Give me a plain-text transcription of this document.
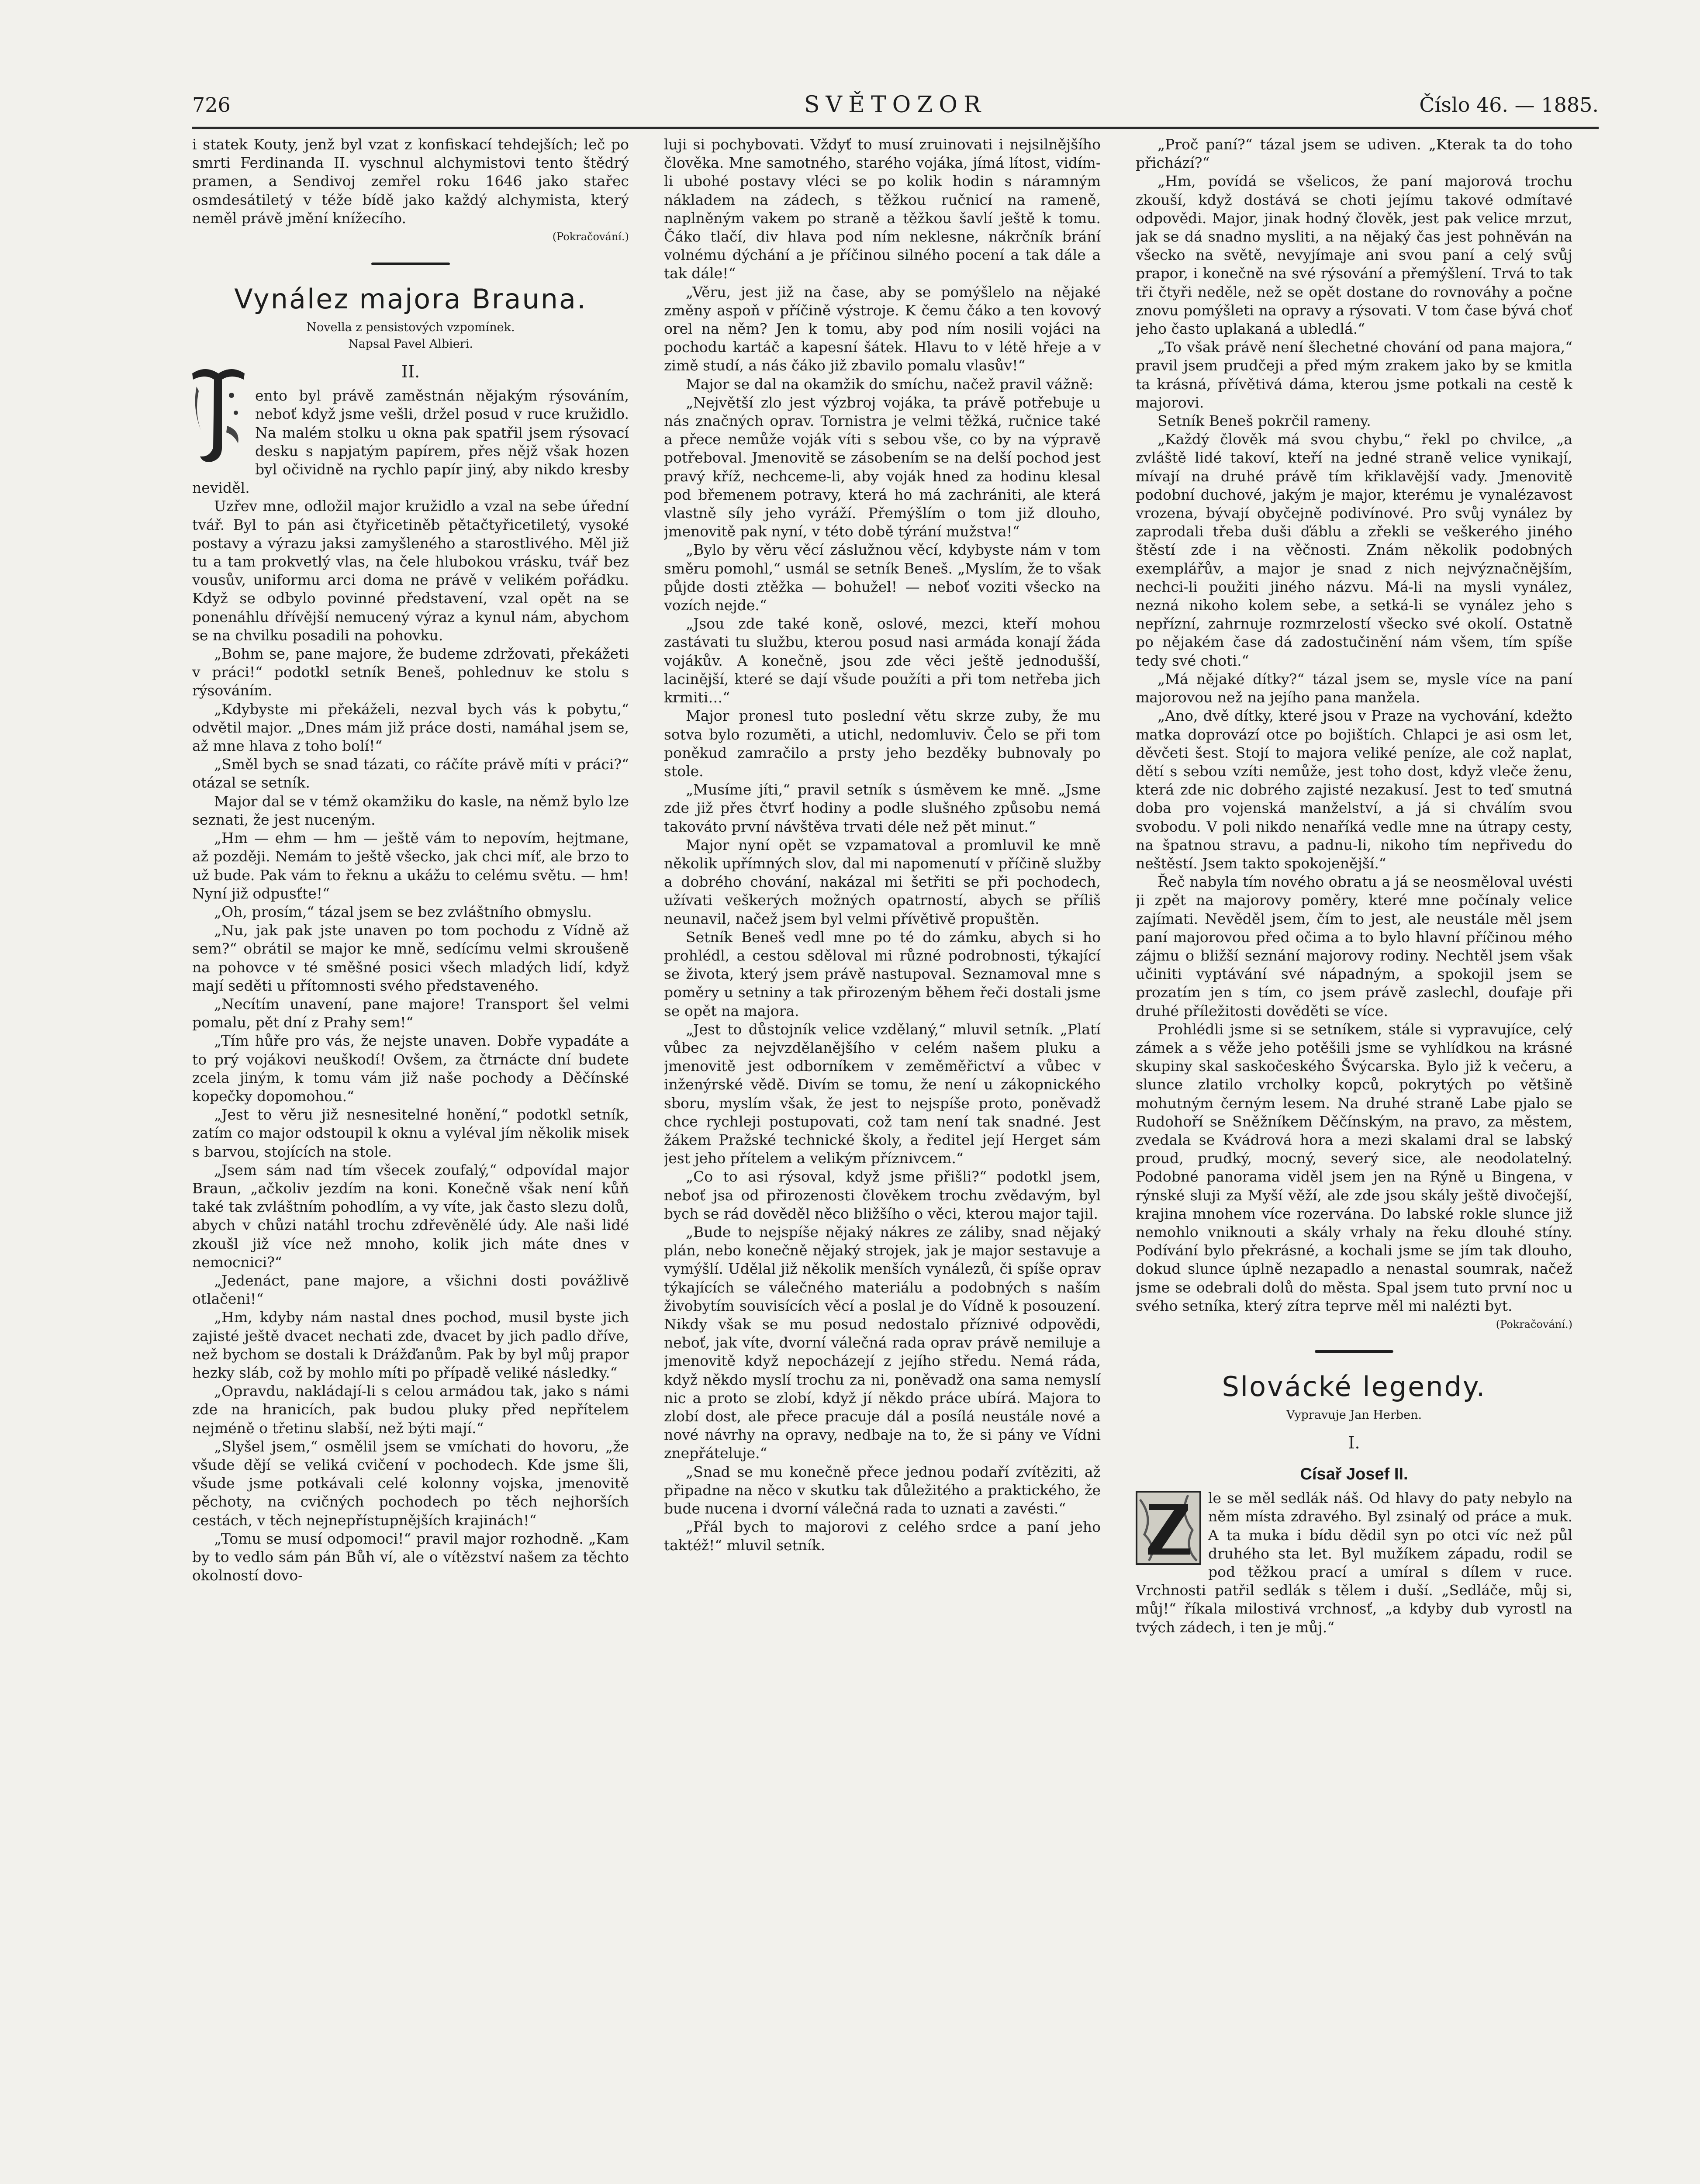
726	SVĚTOZOR	Číslo 46. — 1885.

i statek Kouty, jenž byl vzat z konfiskací tehdejších; leč po smrti Ferdinanda II. vyschnul alchymistovi tento štědrý pramen, a Sendivoj zemřel roku 1646 jako stařec osmdesátiletý v téže bídě jako každý alchymista, který neměl právě jmění knížecího.

(Pokračování.)

Vynález majora Brauna.
Novella z pensistových vzpomínek.
Napsal Pavel Albieri.
II.

ento byl právě zaměstnán nějakým rýsováním, neboť když jsme vešli, držel posud v ruce kružidlo. Na malém stolku u okna pak spatřil jsem rýsovací desku s napjatým papírem, přes nějž však hozen byl očividně na rychlo papír jiný, aby nikdo kresby neviděl.

Uzřev mne, odložil major kružidlo a vzal na sebe úřední tvář. Byl to pán asi čtyřicetiněb pětačtyřicetiletý, vysoké postavy a výrazu jaksi zamyšleného a starostlivého. Měl již tu a tam prokvetlý vlas, na čele hlubokou vrásku, tvář bez vousův, uniformu arci doma ne právě v velikém pořádku. Když se odbylo povinné představení, vzal opět na se ponenáhlu dřívější nemucený výraz a kynul nám, abychom se na chvilku posadili na pohovku.

„Bohm se, pane majore, že budeme zdržovati, překážeti v práci!“ podotkl setník Beneš, pohlednuv ke stolu s rýsováním.

„Kdybyste mi překáželi, nezval bych vás k pobytu,“ odvětil major. „Dnes mám již práce dosti, namáhal jsem se, až mne hlava z toho bolí!“

„Směl bych se snad tázati, co ráčíte právě míti v práci?“ otázal se setník.

Major dal se v témž okamžiku do kasle, na němž bylo lze seznati, že jest nuceným.

„Hm — ehm — hm — ještě vám to nepovím, hejtmane, až později. Nemám to ještě všecko, jak chci míť, ale brzo to už bude. Pak vám to řeknu a ukážu to celému světu. — hm! Nyní již odpusťte!“

„Oh, prosím,“ tázal jsem se bez zvláštního obmyslu.

„Nu, jak pak jste unaven po tom pochodu z Vídně až sem?“ obrátil se major ke mně, sedícímu velmi skroušeně na pohovce v té směšné posici všech mladých lidí, když mají seděti u přítomnosti svého představeného.

„Necítím unavení, pane majore! Transport šel velmi pomalu, pět dní z Prahy sem!“

„Tím hůře pro vás, že nejste unaven. Dobře vypadáte a to prý vojákovi neuškodí! Ovšem, za čtrnácte dní budete zcela jiným, k tomu vám již naše pochody a Děčínské kopečky dopomohou.“

„Jest to věru již nesnesitelné honění,“ podotkl setník, zatím co major odstoupil k oknu a vyléval jím několik misek s barvou, stojících na stole.

„Jsem sám nad tím všecek zoufalý,“ odpovídal major Braun, „ačkoliv jezdím na koni. Konečně však není kůň také tak zvláštním pohodlím, a vy víte, jak často slezu dolů, abych v chůzi natáhl trochu zdřevěnělé údy. Ale naši lidé zkoušl již více než mnoho, kolik jich máte dnes v nemocnici?“

„Jedenáct, pane majore, a všichni dosti povážlivě otlačeni!“

„Hm, kdyby nám nastal dnes pochod, musil byste jich zajisté ještě dvacet nechati zde, dvacet by jich padlo dříve, než bychom se dostali k Drážďanům. Pak by byl můj prapor hezky sláb, což by mohlo míti po případě veliké následky.“

„Opravdu, nakládají-li s celou armádou tak, jako s námi zde na hranicích, pak budou pluky před nepřítelem nejméně o třetinu slabší, než býti mají.“

„Slyšel jsem,“ osmělil jsem se vmíchati do hovoru, „že všude dějí se veliká cvičení v pochodech. Kde jsme šli, všude jsme potkávali celé kolonny vojska, jmenovitě pěchoty, na cvičných pochodech po těch nejhorších cestách, v těch nejnepřístupnějších krajinách!“

„Tomu se musí odpomoci!“ pravil major rozhodně. „Kam by to vedlo sám pán Bůh ví, ale o vítězství našem za těchto okolností dovo-

luji si pochybovati. Vždyť to musí zruinovati i nejsilnějšího člověka. Mne samotného, starého vojáka, jímá lítost, vidím-li ubohé postavy vléci se po kolik hodin s náramným nákladem na zádech, s těžkou ručnicí na rameně, naplněným vakem po straně a těžkou šavlí ještě k tomu. Čáko tlačí, div hlava pod ním neklesne, nákrčník brání volnému dýchání a je příčinou silného pocení a tak dále a tak dále!“

„Věru, jest již na čase, aby se pomýšlelo na nějaké změny aspoň v příčině výstroje. K čemu čáko a ten kovový orel na něm? Jen k tomu, aby pod ním nosili vojáci na pochodu kartáč a kapesní šátek. Hlavu to v létě hřeje a v zimě studí, a nás čáko již zbavilo pomalu vlasův!“

Major se dal na okamžik do smíchu, načež pravil vážně:

„Největší zlo jest výzbroj vojáka, ta právě potřebuje u nás značných oprav. Tornistra je velmi těžká, ručnice také a přece nemůže voják víti s sebou vše, co by na výpravě potřeboval. Jmenovitě se zásobením se na delší pochod jest pravý kříž, nechceme-li, aby voják hned za hodinu klesal pod břemenem potravy, která ho má zachrániti, ale která vlastně síly jeho vyráží. Přemýšlím o tom již dlouho, jmenovitě pak nyní, v této době týrání mužstva!“

„Bylo by věru věcí záslužnou věcí, kdybyste nám v tom směru pomohl,“ usmál se setník Beneš. „Myslím, že to však půjde dosti ztěžka — bohužel! — neboť voziti všecko na vozích nejde.“

„Jsou zde také koně, oslové, mezci, kteří mohou zastávati tu službu, kterou posud nasi armáda konají žáda vojákův. A konečně, jsou zde věci ještě jednodušší, lacinější, které se dají všude použíti a při tom netřeba jich krmiti…“

Major pronesl tuto poslední větu skrze zuby, že mu sotva bylo rozuměti, a utichl, nedomluviv. Čelo se při tom poněkud zamračilo a prsty jeho bezděky bubnovaly po stole.

„Musíme jíti,“ pravil setník s úsměvem ke mně. „Jsme zde již přes čtvrť hodiny a podle slušného způsobu nemá takováto první návštěva trvati déle než pět minut.“

Major nyní opět se vzpamatoval a promluvil ke mně několik upřímných slov, dal mi napomenutí v příčině služby a dobrého chování, nakázal mi šetřiti se při pochodech, užívati veškerých možných opatrností, abych se příliš neunavil, načež jsem byl velmi přívětivě propuštěn.

Setník Beneš vedl mne po té do zámku, abych si ho prohlédl, a cestou sděloval mi různé podrobnosti, týkající se života, který jsem právě nastupoval. Seznamoval mne s poměry u setniny a tak přirozeným během řeči dostali jsme se opět na majora.

„Jest to důstojník velice vzdělaný,“ mluvil setník. „Platí vůbec za nejvzdělanějšího v celém našem pluku a jmenovitě jest odborníkem v zeměměřictví a vůbec v inženýrské vědě. Divím se tomu, že není u zákopnického sboru, myslím však, že jest to nejspíše proto, poněvadž chce rychleji postupovati, což tam není tak snadné. Jest žákem Pražské technické školy, a ředitel její Herget sám jest jeho přítelem a velikým příznivcem.“

„Co to asi rýsoval, když jsme přišli?“ podotkl jsem, neboť jsa od přirozenosti člověkem trochu zvědavým, byl bych se rád dověděl něco bližšího o věci, kterou major tajil.

„Bude to nejspíše nějaký nákres ze záliby, snad nějaký plán, nebo konečně nějaký strojek, jak je major sestavuje a vymýšlí. Udělal již několik menších vynálezů, či spíše oprav týkajících se válečného materiálu a podobných s naším živobytím souvisících věcí a poslal je do Vídně k posouzení. Nikdy však se mu posud nedostalo příznivé odpovědi, neboť, jak víte, dvorní válečná rada oprav právě nemiluje a jmenovitě když nepocházejí z jejího středu. Nemá ráda, když někdo myslí trochu za ni, poněvadž ona sama nemyslí nic a proto se zlobí, když jí někdo práce ubírá. Majora to zlobí dost, ale přece pracuje dál a posílá neustále nové a nové návrhy na opravy, nedbaje na to, že si pány ve Vídni znepřáteluje.“

„Snad se mu konečně přece jednou podaří zvítěziti, až připadne na něco v skutku tak důležitého a praktického, že bude nucena i dvorní válečná rada to uznati a zavésti.“

„Přál bych to majorovi z celého srdce a paní jeho taktéž!“ mluvil setník.

„Proč paní?“ tázal jsem se udiven. „Kterak ta do toho přichází?“

„Hm, povídá se všelicos, že paní majorová trochu zkouší, když dostává se choti jejímu takové odmítavé odpovědi. Major, jinak hodný člověk, jest pak velice mrzut, jak se dá snadno mysliti, a na nějaký čas jest pohněván na všecko na světě, nevyjímaje ani svou paní a celý svůj prapor, i konečně na své rýsování a přemýšlení. Trvá to tak tři čtyři neděle, než se opět dostane do rovnováhy a počne znovu pomýšleti na opravy a rýsovati. V tom čase bývá choť jeho často uplakaná a ubledlá.“

„To však právě není šlechetné chování od pana majora,“ pravil jsem prudčeji a před mým zrakem jako by se kmitla ta krásná, přívětivá dáma, kterou jsme potkali na cestě k majorovi.

Setník Beneš pokrčil rameny.

„Každý člověk má svou chybu,“ řekl po chvilce, „a zvláště lidé takoví, kteří na jedné straně velice vynikají, mívají na druhé právě tím křiklavější vady. Jmenovitě podobní duchové, jakým je major, kterému je vynalézavost vrozena, bývají obyčejně podivínové. Pro svůj vynález by zaprodali třeba duši ďáblu a zřekli se veškerého jiného štěstí zde i na věčnosti. Znám několik podobných exemplářův, a major je snad z nich nejvýznačnějším, nechci-li použiti jiného názvu. Má-li na mysli vynález, nezná nikoho kolem sebe, a setká-li se vynález jeho s nepřízní, zahrnuje rozmrzelostí všecko své okolí. Ostatně po nějakém čase dá zadostučinění nám všem, tím spíše tedy své choti.“

„Má nějaké dítky?“ tázal jsem se, mysle více na paní majorovou než na jejího pana manžela.

„Ano, dvě dítky, které jsou v Praze na vychování, kdežto matka doprovází otce po bojištích. Chlapci je asi osm let, děvčeti šest. Stojí to majora veliké peníze, ale což naplat, dětí s sebou vzíti nemůže, jest toho dost, když vleče ženu, která zde nic dobrého zajisté nezakusí. Jest to teď smutná doba pro vojenská manželství, a já si chválím svou svobodu. V poli nikdo nenaříká vedle mne na útrapy cesty, na špatnou stravu, a padnu-li, nikoho tím nepřivedu do neštěstí. Jsem takto spokojenější.“

Řeč nabyla tím nového obratu a já se neosměloval uvésti ji zpět na majorovy poměry, které mne počínaly velice zajímati. Nevěděl jsem, čím to jest, ale neustále měl jsem paní majorovou před očima a to bylo hlavní příčinou mého zájmu o bližší seznání majorovy rodiny. Nechtěl jsem však učiniti vyptávání své nápadným, a spokojil jsem se prozatím jen s tím, co jsem právě zaslechl, doufaje při druhé příležitosti dověděti se více.

Prohlédli jsme si se setníkem, stále si vypravujíce, celý zámek a s věže jeho potěšili jsme se vyhlídkou na krásné skupiny skal saskočeského Švýcarska. Bylo již k večeru, a slunce zlatilo vrcholky kopců, pokrytých po většině mohutným černým lesem. Na druhé straně Labe pjalo se Rudohoří se Sněžníkem Děčínským, na pravo, za městem, zvedala se Kvádrová hora a mezi skalami dral se labský proud, prudký, mocný, severý sice, ale neodolatelný. Podobné panorama viděl jsem jen na Rýně u Bingena, v rýnské sluji za Myší věží, ale zde jsou skály ještě divočejší, krajina mnohem více rozervána. Do labské rokle slunce již nemohlo vniknouti a skály vrhaly na řeku dlouhé stíny. Podívání bylo překrásné, a kochali jsme se jím tak dlouho, dokud slunce úplně nezapadlo a nenastal soumrak, načež jsme se odebrali dolů do města. Spal jsem tuto první noc u svého setníka, který zítra teprve měl mi nalézti byt.

(Pokračování.)

Slovácké legendy.
Vypravuje Jan Herben.
I.
Císař Josef II.

le se měl sedlák náš. Od hlavy do paty nebylo na něm místa zdravého. Byl zsinalý od práce a muk. A ta muka i bídu dědil syn po otci víc než půl druhého sta let. Byl mužíkem západu, rodil se pod těžkou prací a umíral s dílem v ruce. Vrchnosti patřil sedlák s tělem i duší. „Sedláče, můj si, můj!“ říkala milostivá vrchnosť, „a kdyby dub vyrostl na tvých zádech, i ten je můj.“
